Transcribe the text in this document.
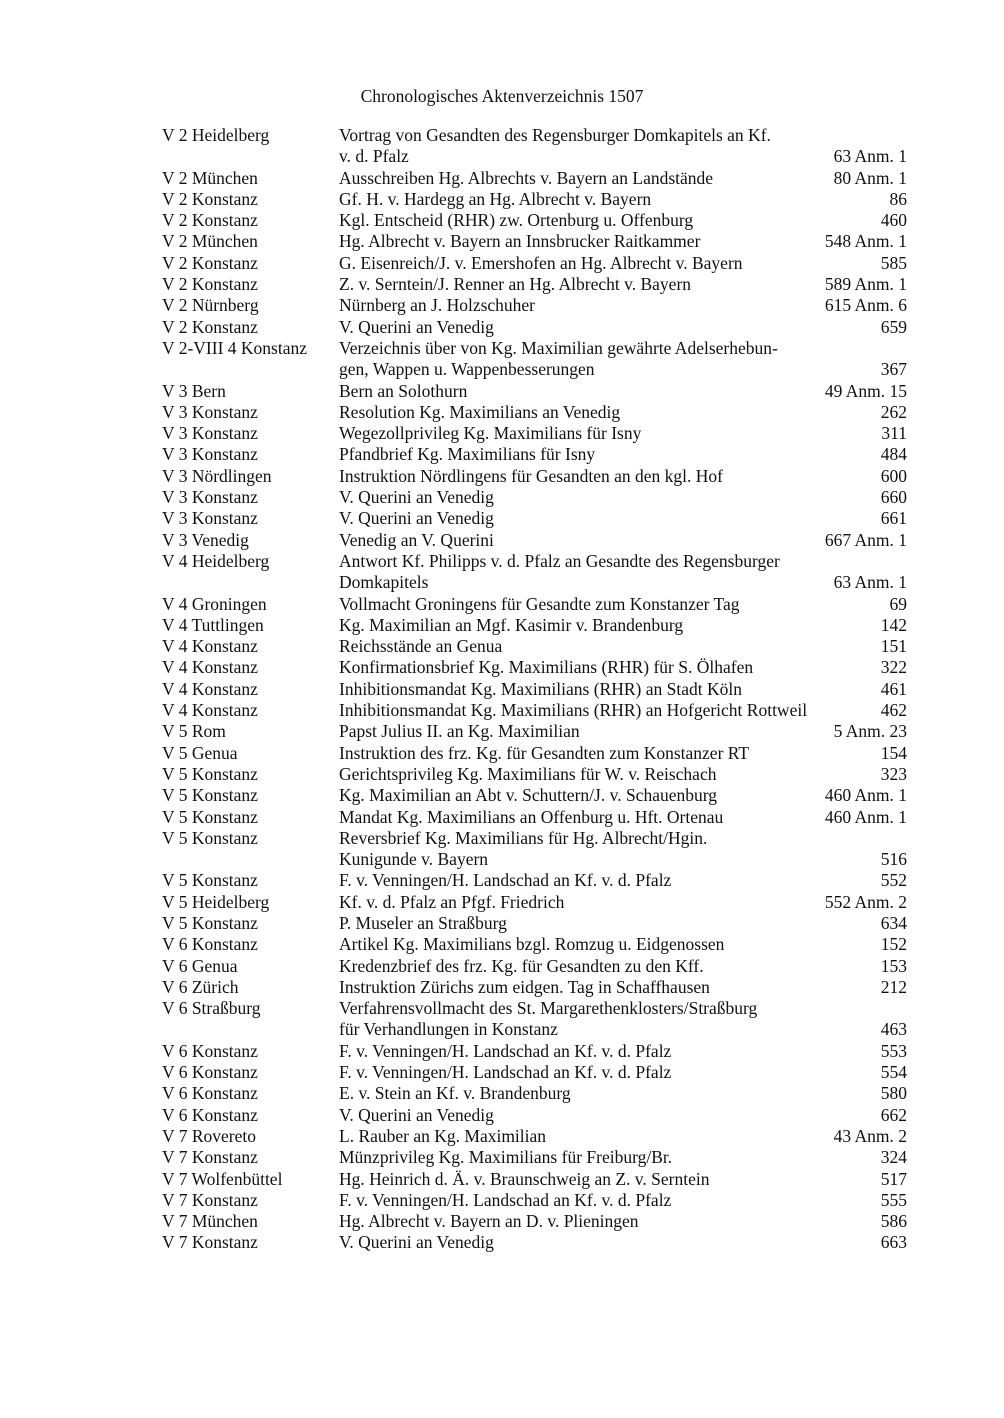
Chronologisches Aktenverzeichnis 1507
V 2 Heidelberg	Vortrag von Gesandten des Regensburger Domkapitels an Kf.
v. d. Pfalz	63 Anm. 1
V 2 München	Ausschreiben Hg. Albrechts v. Bayern an Landstände	80 Anm. 1
V 2 Konstanz	Gf. H. v. Hardegg an Hg. Albrecht v. Bayern	86
V 2 Konstanz	Kgl. Entscheid (RHR) zw. Ortenburg u. Offenburg	460
V 2 München	Hg. Albrecht v. Bayern an Innsbrucker Raitkammer	548 Anm. 1
V 2 Konstanz	G. Eisenreich/J. v. Emershofen an Hg. Albrecht v. Bayern	585
V 2 Konstanz	Z. v. Serntein/J. Renner an Hg. Albrecht v. Bayern	589 Anm. 1
V 2 Nürnberg	Nürnberg an J. Holzschuher	615 Anm. 6
V 2 Konstanz	V. Querini an Venedig	659
V 2-VIII 4 Konstanz	Verzeichnis über von Kg. Maximilian gewährte Adelserhebun-
gen, Wappen u. Wappenbesserungen	367
V 3 Bern	Bern an Solothurn	49 Anm. 15
V 3 Konstanz	Resolution Kg. Maximilians an Venedig	262
V 3 Konstanz	Wegezollprivileg Kg. Maximilians für Isny	311
V 3 Konstanz	Pfandbrief Kg. Maximilians für Isny	484
V 3 Nördlingen	Instruktion Nördlingens für Gesandten an den kgl. Hof	600
V 3 Konstanz	V. Querini an Venedig	660
V 3 Konstanz	V. Querini an Venedig	661
V 3 Venedig	Venedig an V. Querini	667 Anm. 1
V 4 Heidelberg	Antwort Kf. Philipps v. d. Pfalz an Gesandte des Regensburger
Domkapitels	63 Anm. 1
V 4 Groningen	Vollmacht Groningens für Gesandte zum Konstanzer Tag	69
V 4 Tuttlingen	Kg. Maximilian an Mgf. Kasimir v. Brandenburg	142
V 4 Konstanz	Reichsstände an Genua	151
V 4 Konstanz	Konfirmationsbrief Kg. Maximilians (RHR) für S. Ölhafen	322
V 4 Konstanz	Inhibitionsmandat Kg. Maximilians (RHR) an Stadt Köln	461
V 4 Konstanz	Inhibitionsmandat Kg. Maximilians (RHR) an Hofgericht Rottweil	462
V 5 Rom	Papst Julius II. an Kg. Maximilian	5 Anm. 23
V 5 Genua	Instruktion des frz. Kg. für Gesandten zum Konstanzer RT	154
V 5 Konstanz	Gerichtsprivileg Kg. Maximilians für W. v. Reischach	323
V 5 Konstanz	Kg. Maximilian an Abt v. Schuttern/J. v. Schauenburg	460 Anm. 1
V 5 Konstanz	Mandat Kg. Maximilians an Offenburg u. Hft. Ortenau	460 Anm. 1
V 5 Konstanz	Reversbrief Kg. Maximilians für Hg. Albrecht/Hgin.
Kunigunde v. Bayern	516
V 5 Konstanz	F. v. Venningen/H. Landschad an Kf. v. d. Pfalz	552
V 5 Heidelberg	Kf. v. d. Pfalz an Pfgf. Friedrich	552 Anm. 2
V 5 Konstanz	P. Museler an Straßburg	634
V 6 Konstanz	Artikel Kg. Maximilians bzgl. Romzug u. Eidgenossen	152
V 6 Genua	Kredenzbrief des frz. Kg. für Gesandten zu den Kff.	153
V 6 Zürich	Instruktion Zürichs zum eidgen. Tag in Schaffhausen	212
V 6 Straßburg	Verfahrensvollmacht des St. Margarethenklosters/Straßburg
für Verhandlungen in Konstanz	463
V 6 Konstanz	F. v. Venningen/H. Landschad an Kf. v. d. Pfalz	553
V 6 Konstanz	F. v. Venningen/H. Landschad an Kf. v. d. Pfalz	554
V 6 Konstanz	E. v. Stein an Kf. v. Brandenburg	580
V 6 Konstanz	V. Querini an Venedig	662
V 7 Rovereto	L. Rauber an Kg. Maximilian	43 Anm. 2
V 7 Konstanz	Münzprivileg Kg. Maximilians für Freiburg/Br.	324
V 7 Wolfenbüttel	Hg. Heinrich d. Ä. v. Braunschweig an Z. v. Serntein	517
V 7 Konstanz	F. v. Venningen/H. Landschad an Kf. v. d. Pfalz	555
V 7 München	Hg. Albrecht v. Bayern an D. v. Plieningen	586
V 7 Konstanz	V. Querini an Venedig	663
